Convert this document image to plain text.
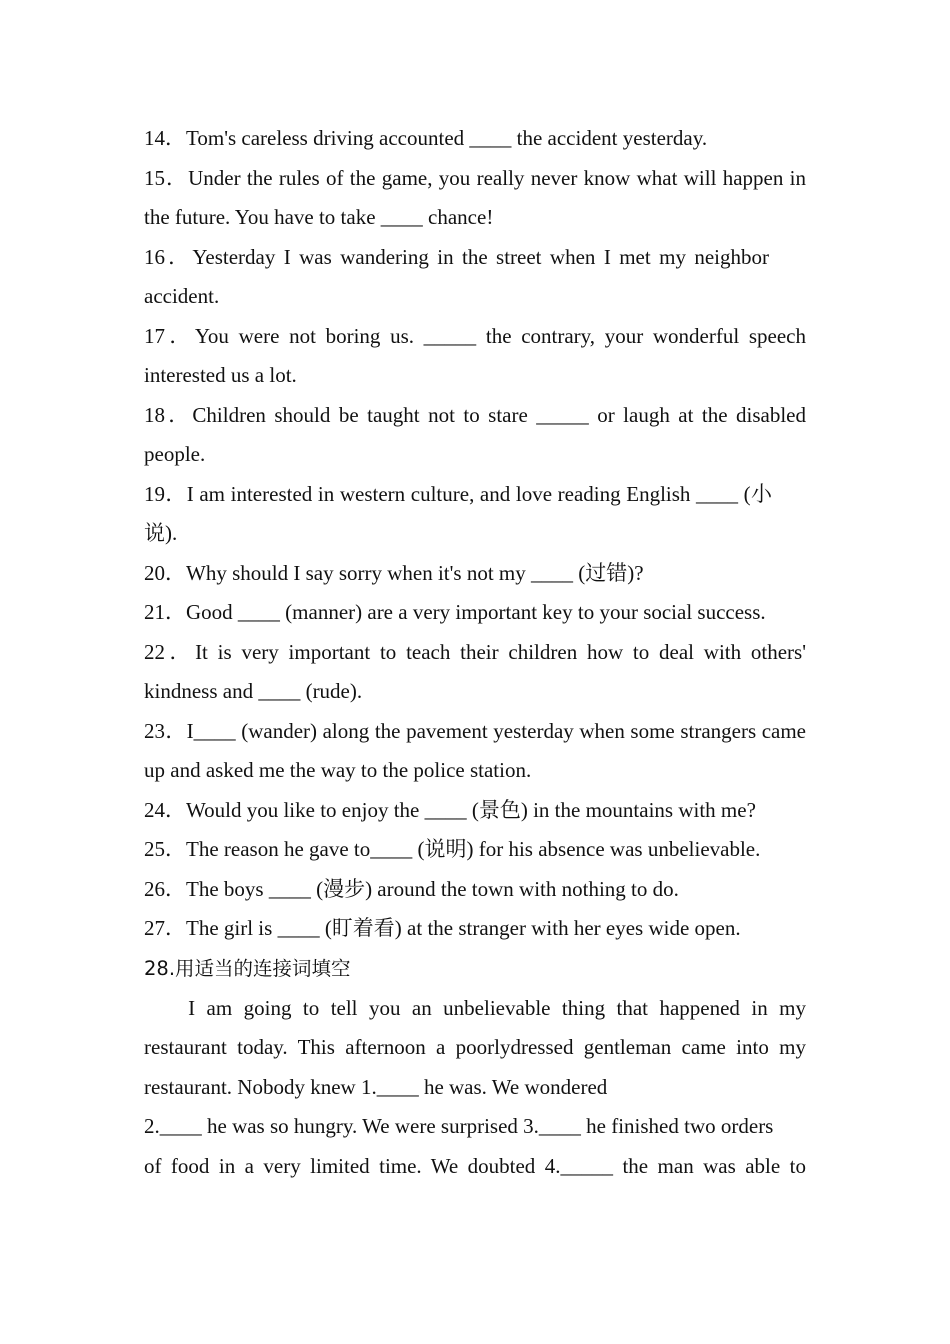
14．Tom's careless driving accounted ____ the accident yesterday.

15．Under the rules of the game, you really never know what will happen in the future. You have to take ____ chance!

16．Yesterday I was wandering in the street when I met my neighbor accident.

17．You were not boring us. _____ the contrary, your wonderful speech interested us a lot.

18．Children should be taught not to stare _____ or laugh at the disabled people.

19．I am interested in western culture, and love reading English ____ (小说).

20．Why should I say sorry when it's not my ____ (过错)?

21．Good ____ (manner) are a very important key to your social success.

22．It is very important to teach their children how to deal with others' kindness and ____ (rude).

23．I____ (wander) along the pavement yesterday when some strangers came up and asked me the way to the police station.

24．Would you like to enjoy the ____ (景色) in the mountains with me?

25．The reason he gave to____ (说明) for his absence was unbelievable.

26．The boys ____ (漫步) around the town with nothing to do.

27．The girl is ____ (盯着看) at the stranger with her eyes wide open.

28.用适当的连接词填空

I am going to tell you an unbelievable thing that happened in my restaurant today. This afternoon a poorlydressed gentleman came into my restaurant. Nobody knew 1.____ he was. We wondered

2.____ he was so hungry. We were surprised 3.____ he finished two orders

of food in a very limited time. We doubted 4._____ the man was able to
